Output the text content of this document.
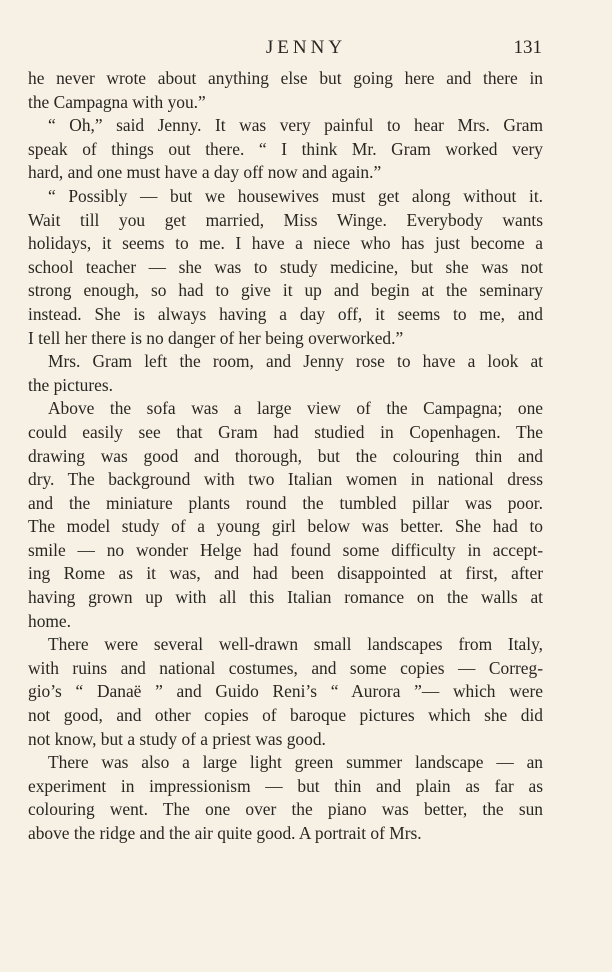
JENNY	131

he never wrote about anything else but going here and there in
the Campagna with you.”

“ Oh,” said Jenny. It was very painful to hear Mrs. Gram
speak of things out there. “ I think Mr. Gram worked very
hard, and one must have a day off now and again.”

“ Possibly — but we housewives must get along without it.
Wait till you get married, Miss Winge. Everybody wants
holidays, it seems to me. I have a niece who has just become a
school teacher — she was to study medicine, but she was not
strong enough, so had to give it up and begin at the seminary
instead. She is always having a day off, it seems to me, and
I tell her there is no danger of her being overworked.”

Mrs. Gram left the room, and Jenny rose to have a look at
the pictures.

Above the sofa was a large view of the Campagna; one
could easily see that Gram had studied in Copenhagen. The
drawing was good and thorough, but the colouring thin and
dry. The background with two Italian women in national dress
and the miniature plants round the tumbled pillar was poor.
The model study of a young girl below was better. She had to
smile — no wonder Helge had found some difficulty in accept-
ing Rome as it was, and had been disappointed at first, after
having grown up with all this Italian romance on the walls at
home.

There were several well-drawn small landscapes from Italy,
with ruins and national costumes, and some copies — Correg-
gio’s “ Danaë ” and Guido Reni’s “ Aurora ”— which were
not good, and other copies of baroque pictures which she did
not know, but a study of a priest was good.

There was also a large light green summer landscape — an
experiment in impressionism — but thin and plain as far as
colouring went. The one over the piano was better, the sun
above the ridge and the air quite good. A portrait of Mrs.
